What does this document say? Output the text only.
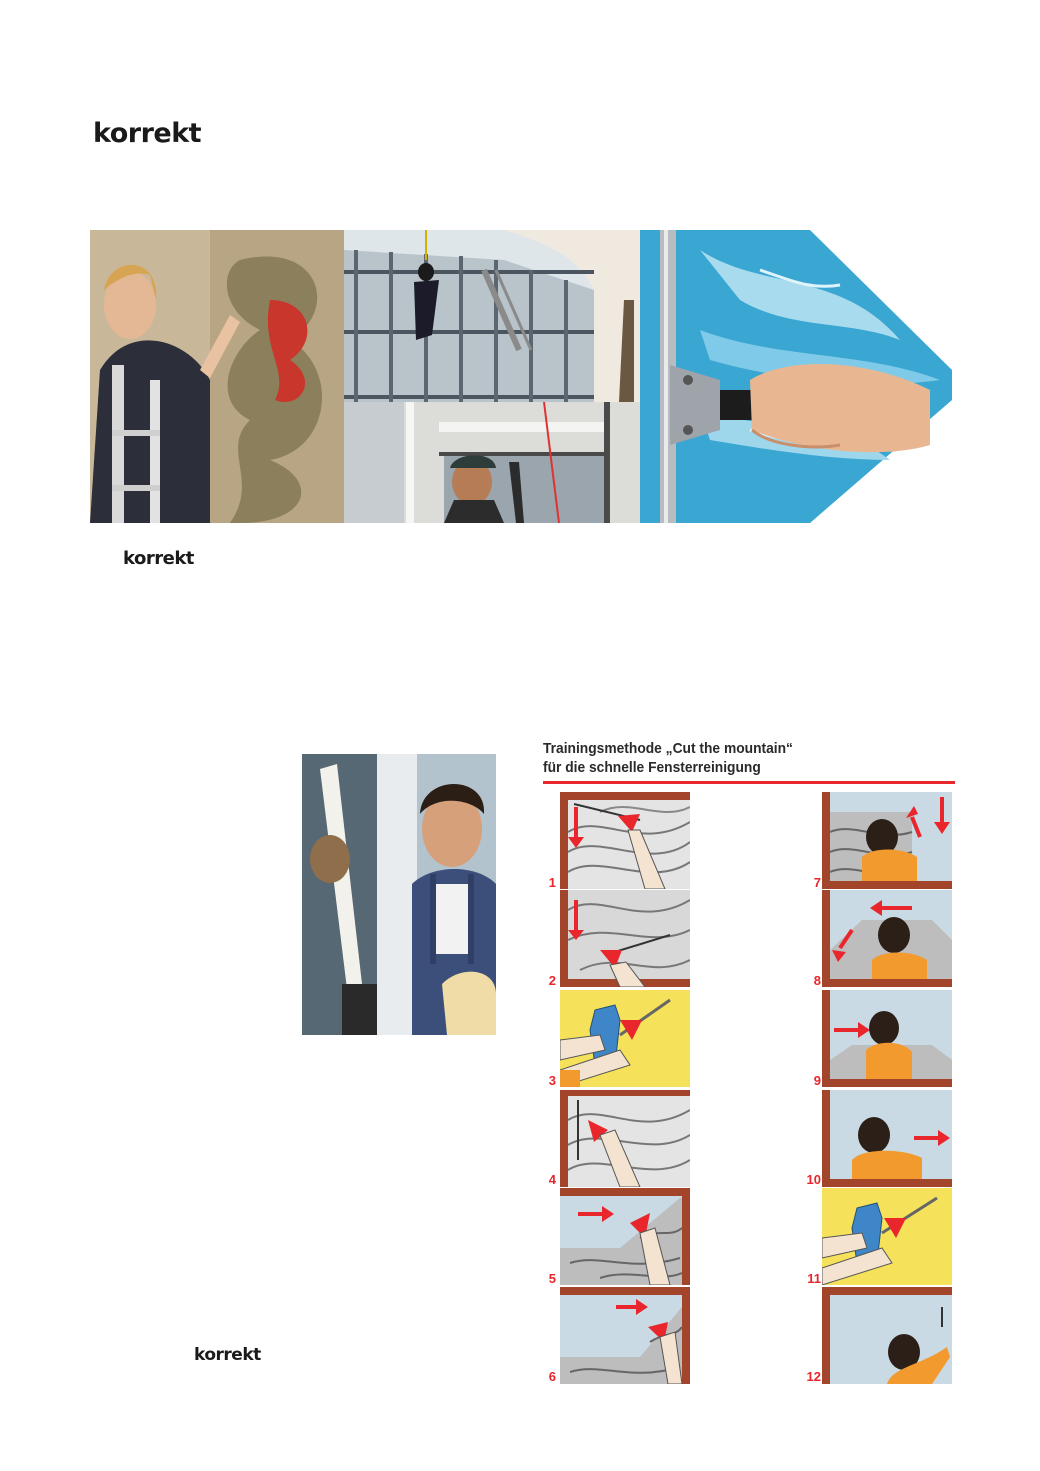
korrekt
korrekt
korrekt
Trainingsmethode „Cut the mountain“
für die schnelle Fensterreinigung
1
2
3
4
5
6
7
8
9
10
11
12
